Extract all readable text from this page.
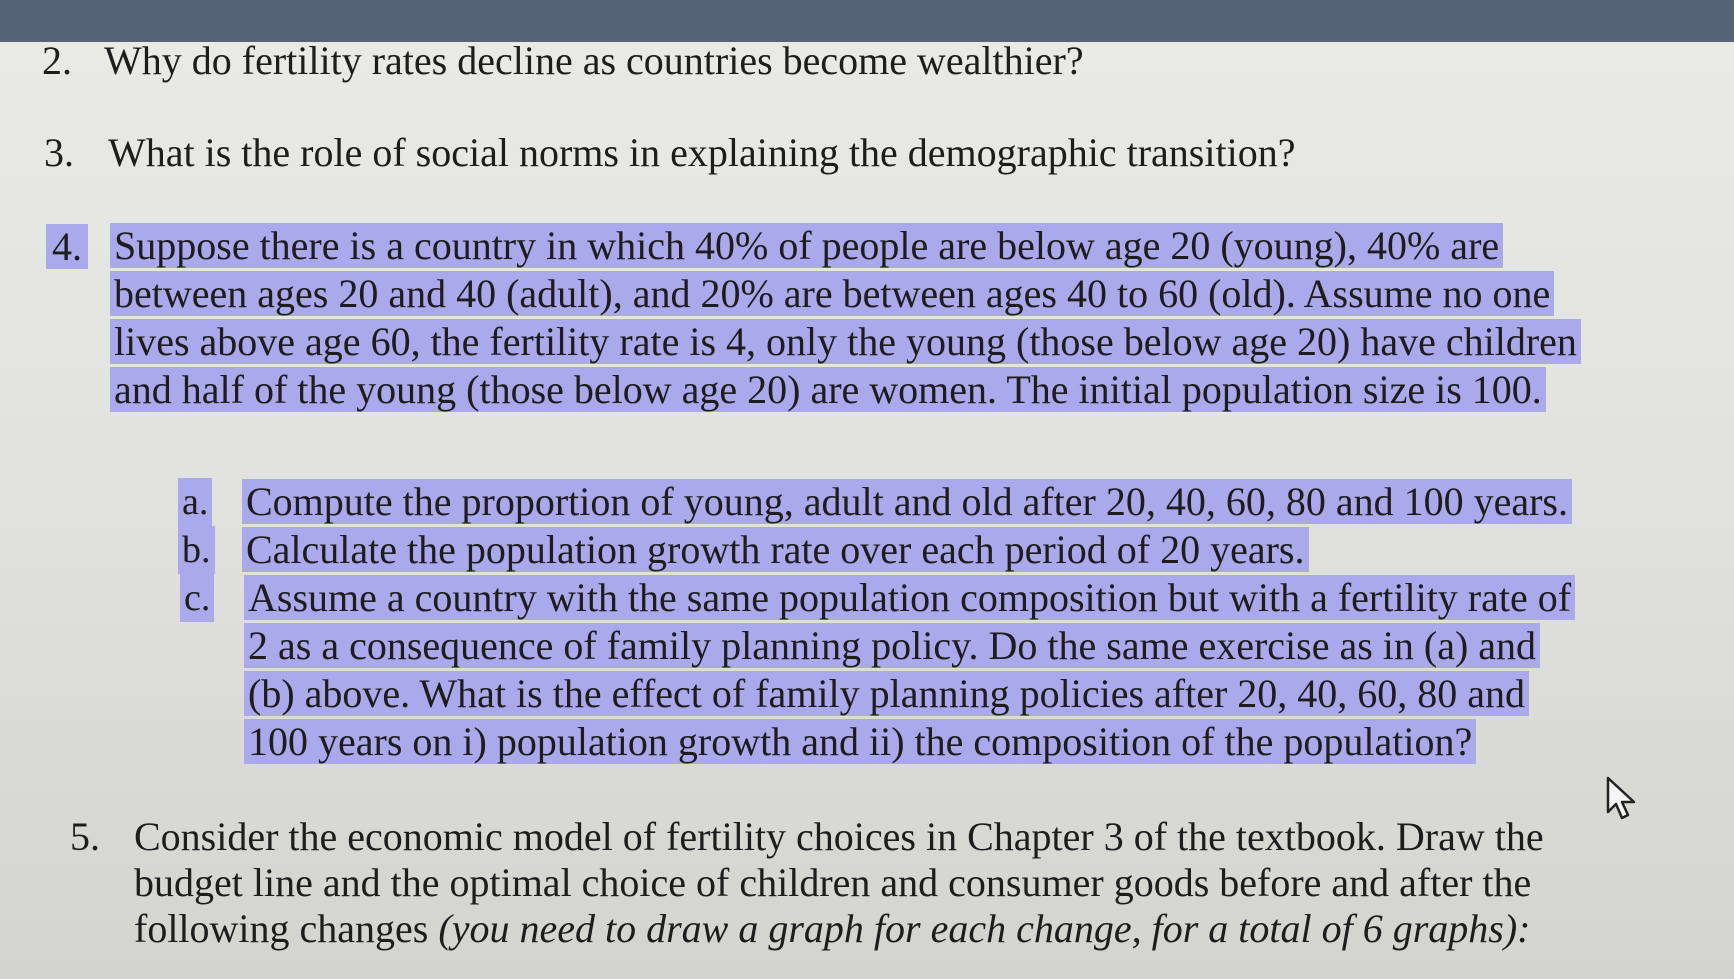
2. Why do fertility rates decline as countries become wealthier?
3. What is the role of social norms in explaining the demographic transition?
4. Suppose there is a country in which 40% of people are below age 20 (young), 40% are
between ages 20 and 40 (adult), and 20% are between ages 40 to 60 (old). Assume no one
lives above age 60, the fertility rate is 4, only the young (those below age 20) have children
and half of the young (those below age 20) are women. The initial population size is 100.
a. Compute the proportion of young, adult and old after 20, 40, 60, 80 and 100 years.
b. Calculate the population growth rate over each period of 20 years.
c. Assume a country with the same population composition but with a fertility rate of
2 as a consequence of family planning policy. Do the same exercise as in (a) and
(b) above. What is the effect of family planning policies after 20, 40, 60, 80 and
100 years on i) population growth and ii) the composition of the population?
5. Consider the economic model of fertility choices in Chapter 3 of the textbook. Draw the
budget line and the optimal choice of children and consumer goods before and after the
following changes (you need to draw a graph for each change, for a total of 6 graphs):
